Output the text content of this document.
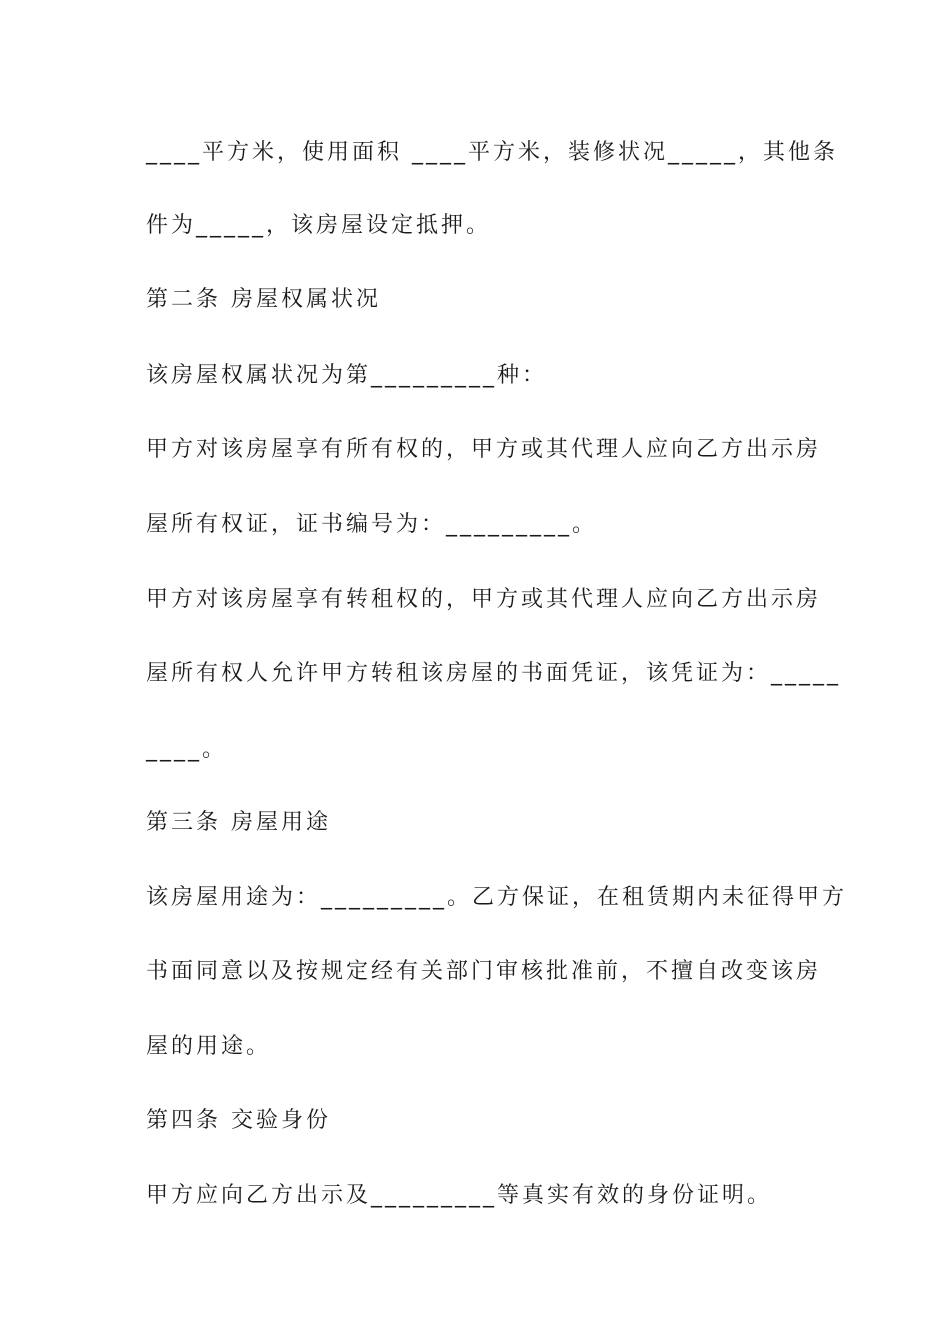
____平方米，使用面积 ____平方米，装修状况_____，其他条
件为_____，该房屋设定抵押。
第二条 房屋权属状况
该房屋权属状况为第_________种：
甲方对该房屋享有所有权的，甲方或其代理人应向乙方出示房
屋所有权证，证书编号为：_________。
甲方对该房屋享有转租权的，甲方或其代理人应向乙方出示房
屋所有权人允许甲方转租该房屋的书面凭证，该凭证为：_____
____。
第三条 房屋用途
该房屋用途为：_________。乙方保证，在租赁期内未征得甲方
书面同意以及按规定经有关部门审核批准前，不擅自改变该房
屋的用途。
第四条 交验身份
甲方应向乙方出示及_________等真实有效的身份证明。
